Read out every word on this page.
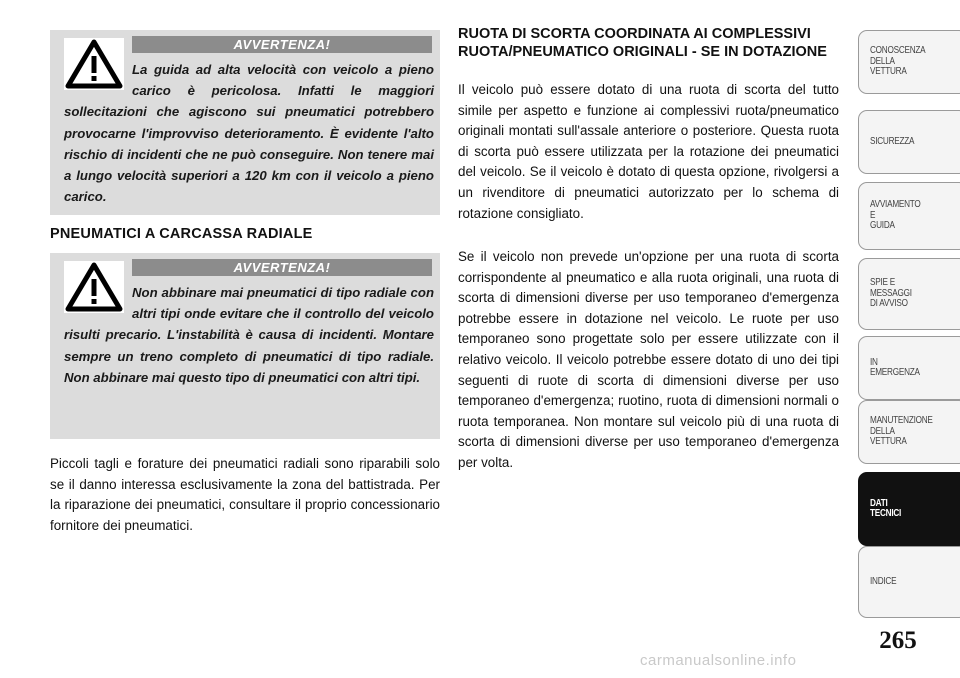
AVVERTENZA!
La guida ad alta velocità con veicolo a pieno carico è pericolosa. Infatti le maggiori sollecitazioni che agiscono sui pneumatici potrebbero provocarne l'improvviso deterioramento. È evidente l'alto rischio di incidenti che ne può conseguire. Non tenere mai a lungo velocità superiori a 120 km con il veicolo a pieno carico.
PNEUMATICI A CARCASSA RADIALE
AVVERTENZA!
Non abbinare mai pneumatici di tipo radiale con altri tipi onde evitare che il controllo del veicolo risulti precario. L'instabilità è causa di incidenti. Montare sempre un treno completo di pneumatici di tipo radiale. Non abbinare mai questo tipo di pneumatici con altri tipi.
Piccoli tagli e forature dei pneumatici radiali sono riparabili solo se il danno interessa esclusivamente la zona del battistrada. Per la riparazione dei pneumatici, consultare il proprio concessionario fornitore dei pneumatici.
RUOTA DI SCORTA COORDINATA AI COMPLESSIVI RUOTA/PNEUMATICO ORIGINALI - SE IN DOTAZIONE
Il veicolo può essere dotato di una ruota di scorta del tutto simile per aspetto e funzione ai complessivi ruota/pneumatico originali montati sull'assale anteriore o posteriore. Questa ruota di scorta può essere utilizzata per la rotazione dei pneumatici del veicolo. Se il veicolo è dotato di questa opzione, rivolgersi a un rivenditore di pneumatici autorizzato per lo schema di rotazione consigliato.
Se il veicolo non prevede un'opzione per una ruota di scorta corrispondente al pneumatico e alla ruota originali, una ruota di scorta di dimensioni diverse per uso temporaneo d'emergenza potrebbe essere in dotazione nel veicolo. Le ruote per uso temporaneo sono progettate solo per essere utilizzate con il relativo veicolo. Il veicolo potrebbe essere dotato di uno dei tipi seguenti di ruote di scorta di dimensioni diverse per uso temporaneo d'emergenza; ruotino, ruota di dimensioni normali o ruota temporanea. Non montare sul veicolo più di una ruota di scorta di dimensioni diverse per uso temporaneo d'emergenza per volta.
CONOSCENZA
DELLA
VETTURA
SICUREZZA
AVVIAMENTO
E
GUIDA
SPIE E
MESSAGGI
DI AVVISO
IN
EMERGENZA
MANUTENZIONE
DELLA
VETTURA
DATI
TECNICI
INDICE
265
carmanualsonline.info
